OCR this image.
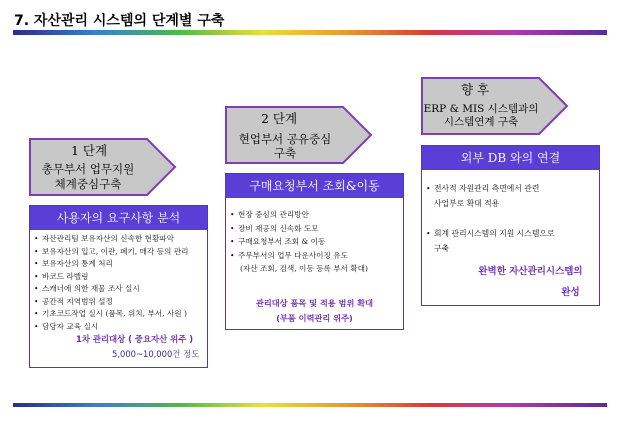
7. 자산관리 시스템의 단계별 구축
1 단계
총무부서 업무지원
체계중심구축
2 단계
현업부서 공유중심
구축
향 후
ERP & MIS 시스템과의
시스템연계 구축
사용자의 요구사항 분석
• 자산관리팀 보유자산의 신속한 현황파악
• 보유자산의 입고, 이관, 폐기, 매각 등의 관리
• 보유자산의 통계 처리
• 바코드 라벨링
• 스캐너에 의한 재물 조사 실시
• 공간적 지역범위 설정
• 기초코드작업 실시 (품목, 위치, 부서, 사원 )
• 담당자 교육 실시
1차 관리대상 ( 중요자산 위주 )
5,000~10,000건 정도
구매요청부서 조회&이동
• 현장 중심의 관리방안
• 장비 재공의 신속화 도모
• 구매요청부서 조회 & 이동
• 주무부서의 업무 다운사이징 유도
(자산 조회, 검색, 이동 등록 부서 확대)
관리대상 품목 및 적용 범위 확대
(부품 이력관리 위주)
외부 DB 와의 연결
• 전사적 자원관리 측면에서 관련
사업부로 확대 적용
• 회계 관리시스템의 지원 시스템으로
구축
완벽한 자산관리시스템의
완성
